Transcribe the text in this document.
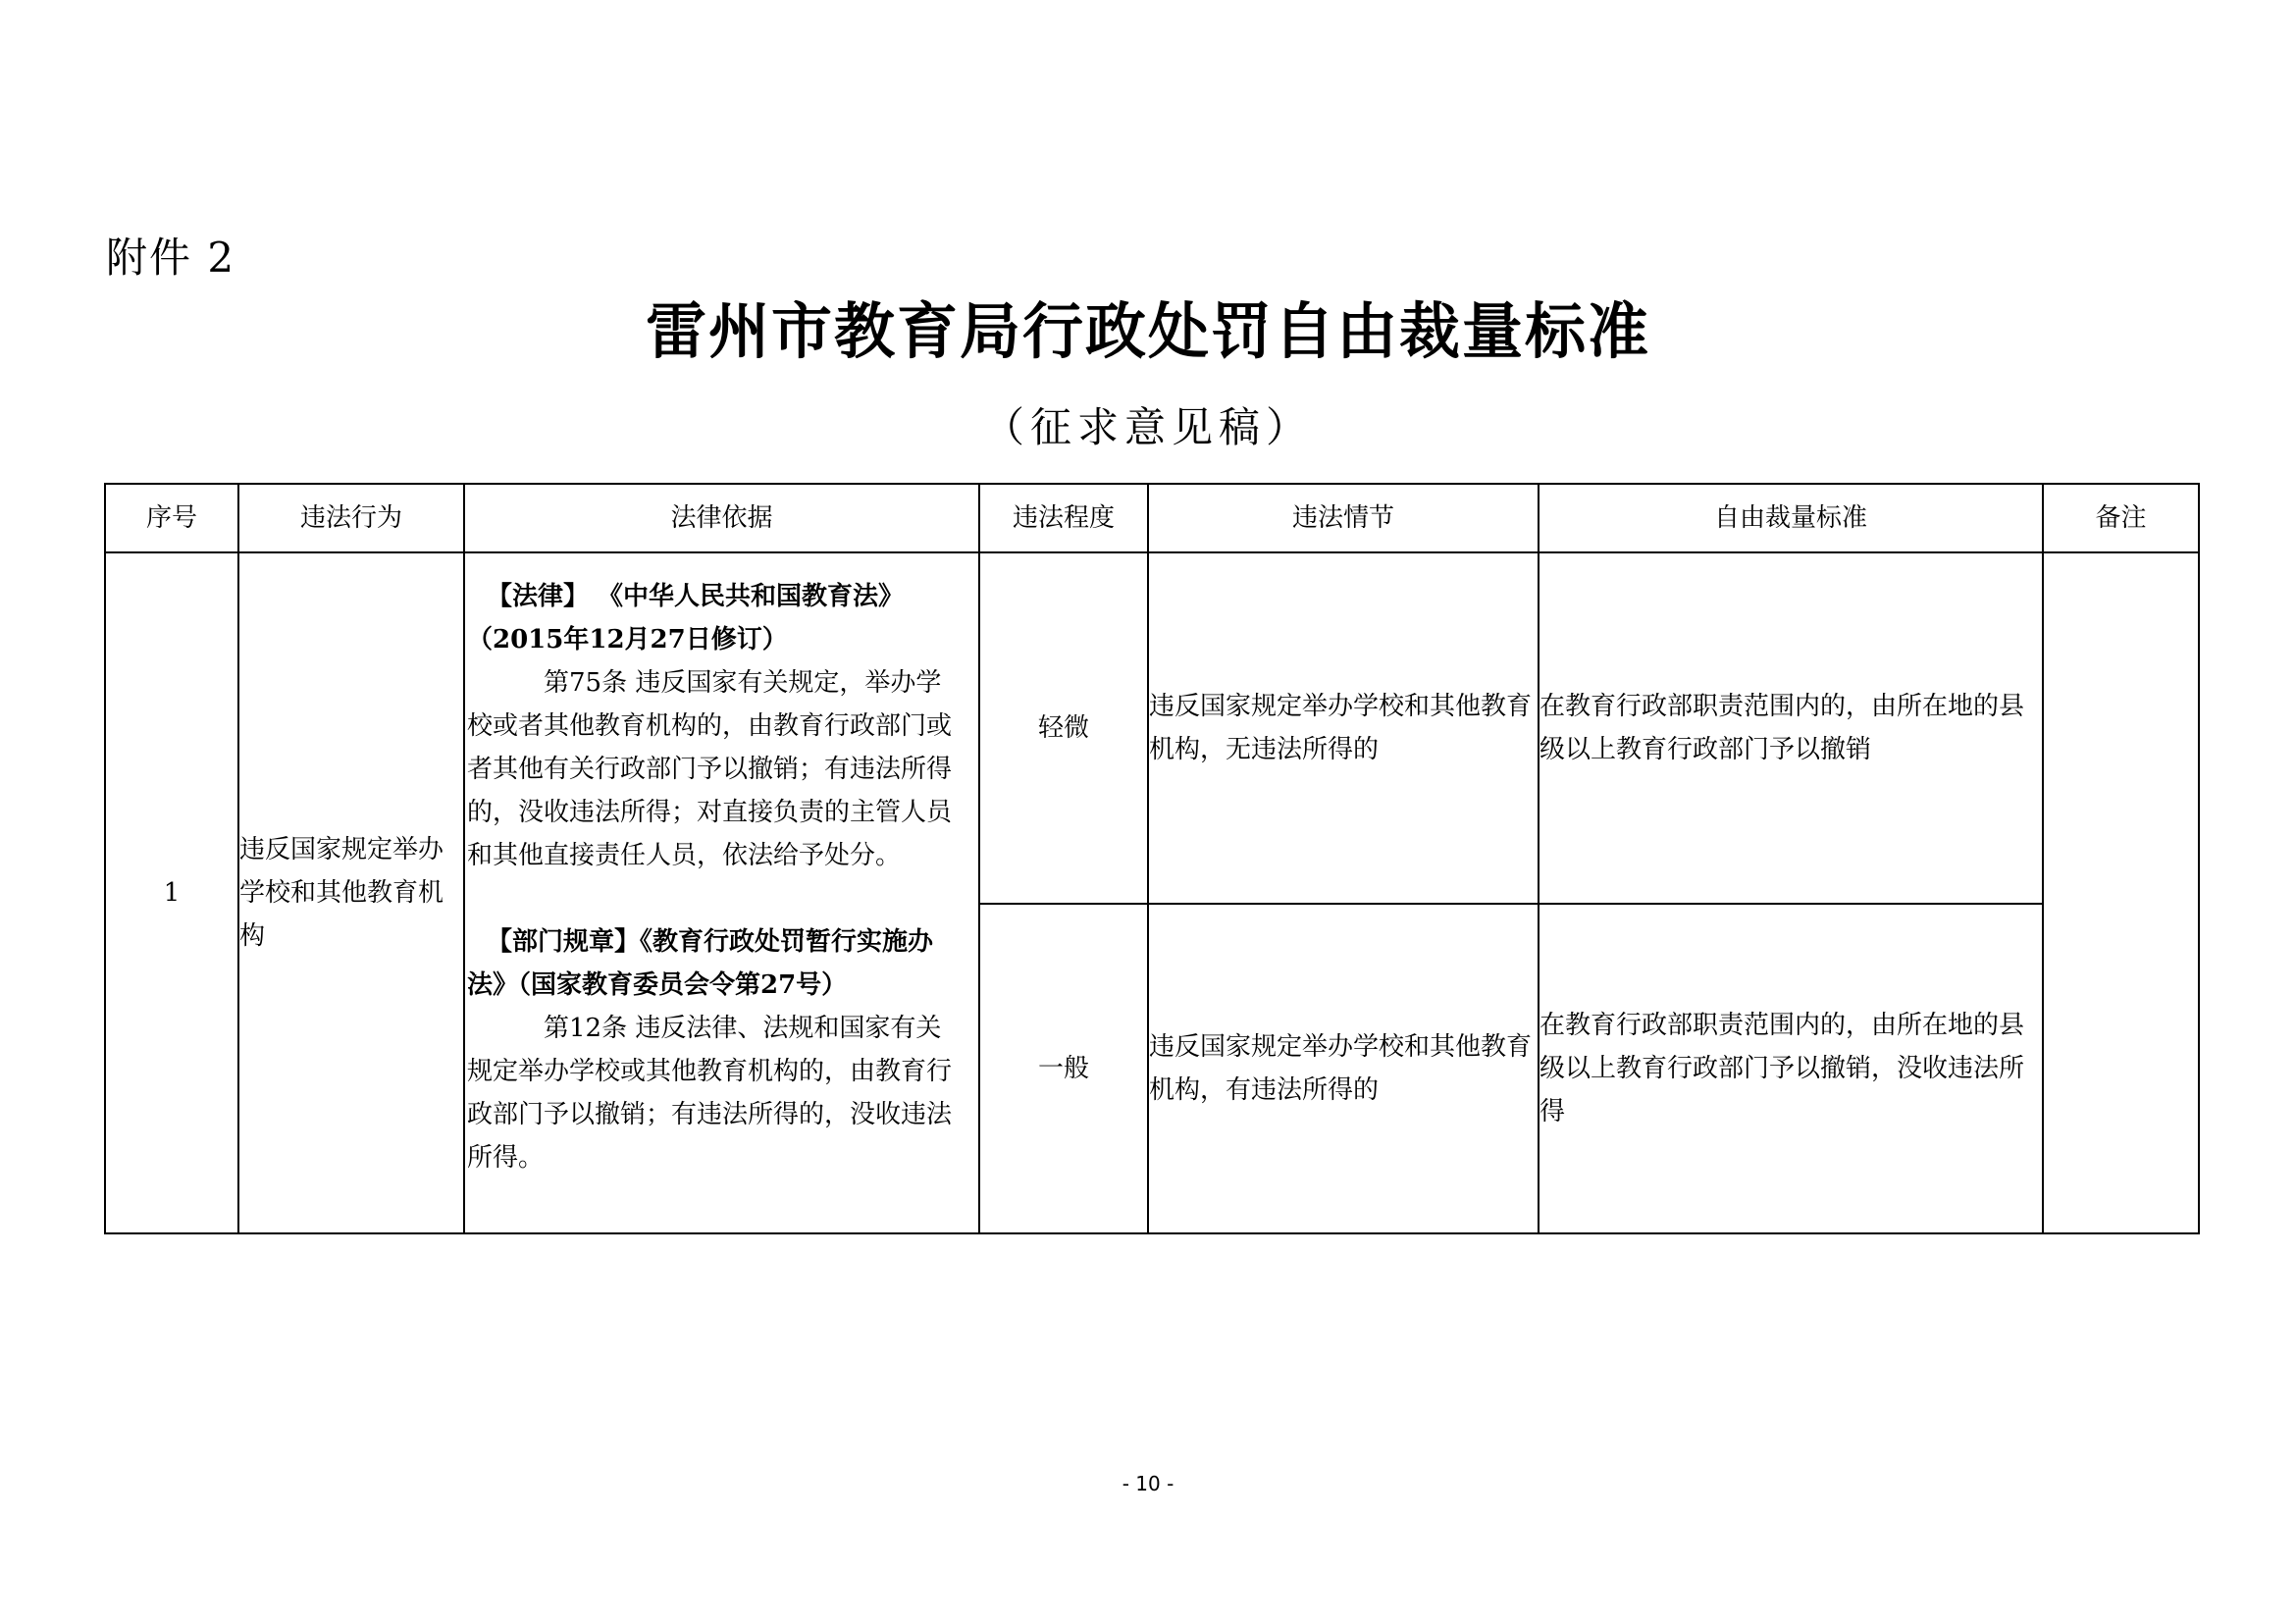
附件 2
雷州市教育局行政处罚自由裁量标准
（征求意见稿）
序号	违法行为	法律依据	违法程度	违法情节	自由裁量标准	备注
1	违反国家规定举办学校和其他教育机构	【法律】 《中华人民共和国教育法》（2015年12月27日修订）

第75条 违反国家有关规定，举办学校或者其他教育机构的，由教育行政部门或者其他有关行政部门予以撤销；有违法所得的，没收违法所得；对直接负责的主管人员和其他直接责任人员，依法给予处分。

【部门规章】《教育行政处罚暂行实施办法》（国家教育委员会令第27号）

第12条 违反法律、法规和国家有关规定举办学校或其他教育机构的，由教育行政部门予以撤销；有违法所得的，没收违法所得。	轻微	违反国家规定举办学校和其他教育机构，无违法所得的	在教育行政部职责范围内的，由所在地的县级以上教育行政部门予以撤销	
			一般	违反国家规定举办学校和其他教育机构，有违法所得的	在教育行政部职责范围内的，由所在地的县级以上教育行政部门予以撤销，没收违法所得	
- 10 -
